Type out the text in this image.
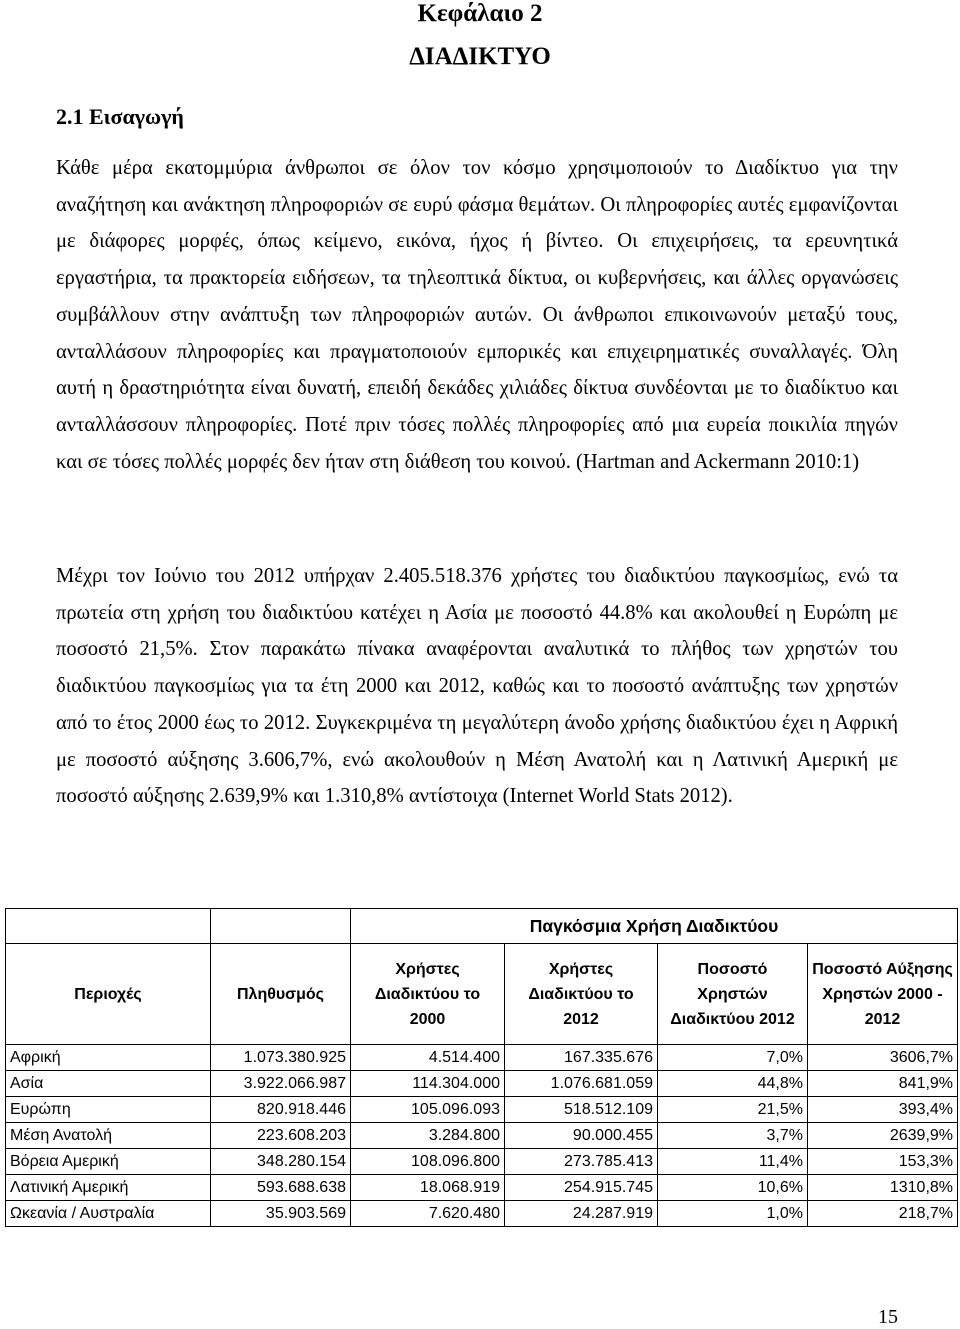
Κεφάλαιο 2
ΔΙΑΔΙΚΤΥΟ
2.1 Εισαγωγή

Κάθε μέρα εκατομμύρια άνθρωποι σε όλον τον κόσμο χρησιμοποιούν το Διαδίκτυο για την αναζήτηση και ανάκτηση πληροφοριών σε ευρύ φάσμα θεμάτων. Οι πληροφορίες αυτές εμφανίζονται με διάφορες μορφές, όπως κείμενο, εικόνα, ήχος ή βίντεο. Οι επιχειρήσεις, τα ερευνητικά εργαστήρια, τα πρακτορεία ειδήσεων, τα τηλεοπτικά δίκτυα, οι κυβερνήσεις, και άλλες οργανώσεις συμβάλλουν στην ανάπτυξη των πληροφοριών αυτών. Οι άνθρωποι επικοινωνούν μεταξύ τους, ανταλλάσουν πληροφορίες και πραγματοποιούν εμπορικές και επιχειρηματικές συναλλαγές. Όλη αυτή η δραστηριότητα είναι δυνατή, επειδή δεκάδες χιλιάδες δίκτυα συνδέονται με το διαδίκτυο και ανταλλάσσουν πληροφορίες. Ποτέ πριν τόσες πολλές πληροφορίες από μια ευρεία ποικιλία πηγών και σε τόσες πολλές μορφές δεν ήταν στη διάθεση του κοινού. (Hartman and Ackermann 2010:1)

Μέχρι τον Ιούνιο του 2012 υπήρχαν 2.405.518.376 χρήστες του διαδικτύου παγκοσμίως, ενώ τα πρωτεία στη χρήση του διαδικτύου κατέχει η Ασία με ποσοστό 44.8% και ακολουθεί η Ευρώπη με ποσοστό 21,5%. Στον παρακάτω πίνακα αναφέρονται αναλυτικά το πλήθος των χρηστών του διαδικτύου παγκοσμίως για τα έτη 2000 και 2012, καθώς και το ποσοστό ανάπτυξης των χρηστών από το έτος 2000 έως το 2012. Συγκεκριμένα τη μεγαλύτερη άνοδο χρήσης διαδικτύου έχει η Αφρική με ποσοστό αύξησης 3.606,7%, ενώ ακολουθούν η Μέση Ανατολή και η Λατινική Αμερική με ποσοστό αύξησης 2.639,9% και 1.310,8% αντίστοιχα (Internet World Stats 2012).

		Παγκόσμια Χρήση Διαδικτύου			
Περιοχές	Πληθυσμός	Χρήστες Διαδικτύου το 2000	Χρήστες Διαδικτύου το 2012	Ποσοστό Χρηστών Διαδικτύου 2012	Ποσοστό Αύξησης Χρηστών 2000 - 2012
Αφρική	1.073.380.925	4.514.400	167.335.676	7,0%	3606,7%
Ασία	3.922.066.987	114.304.000	1.076.681.059	44,8%	841,9%
Ευρώπη	820.918.446	105.096.093	518.512.109	21,5%	393,4%
Μέση Ανατολή	223.608.203	3.284.800	90.000.455	3,7%	2639,9%
Βόρεια Αμερική	348.280.154	108.096.800	273.785.413	11,4%	153,3%
Λατινική Αμερική	593.688.638	18.068.919	254.915.745	10,6%	1310,8%
Ωκεανία / Αυστραλία	35.903.569	7.620.480	24.287.919	1,0%	218,7%
15
